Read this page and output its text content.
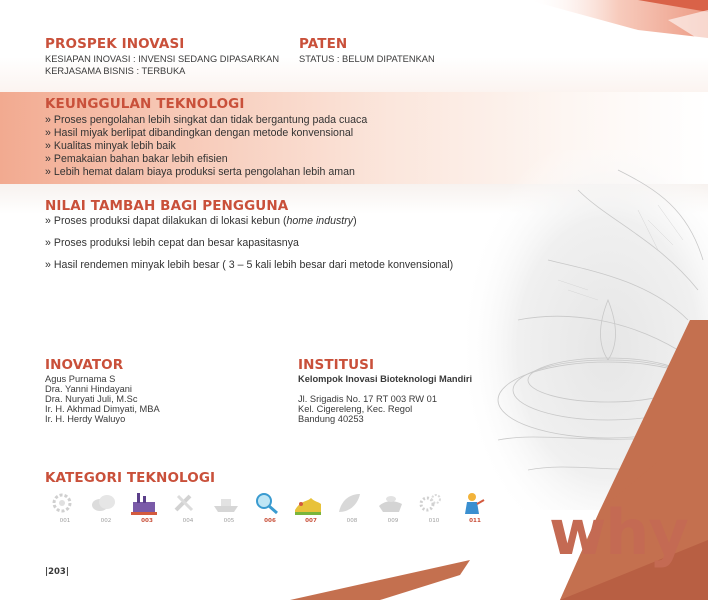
PROSPEK INOVASI

KESIAPAN INOVASI : INVENSI SEDANG DIPASARKAN

KERJASAMA BISNIS : TERBUKA

PATEN

STATUS : BELUM DIPATENKAN

KEUNGGULAN TEKNOLOGI

» Proses pengolahan lebih singkat dan tidak bergantung pada cuaca

» Hasil miyak berlipat dibandingkan dengan metode konvensional

» Kualitas minyak lebih baik

» Pemakaian bahan bakar lebih efisien

» Lebih hemat dalam biaya produksi serta pengolahan lebih aman

NILAI TAMBAH BAGI PENGGUNA

» Proses produksi dapat dilakukan di lokasi kebun (home industry)

» Proses produksi lebih cepat dan besar kapasitasnya

» Hasil rendemen minyak lebih besar ( 3 – 5 kali lebih besar dari metode konvensional)

INOVATOR

Agus Purnama S

Dra. Yanni Hindayani

Dra. Nuryati Juli, M.Sc

Ir. H. Akhmad Dimyati, MBA

Ir. H. Herdy Waluyo

INSTITUSI

Kelompok Inovasi Bioteknologi Mandiri

Jl. Srigadis No. 17 RT 003 RW 01

Kel. Cigereleng, Kec. Regol

Bandung 40253

KATEGORI TEKNOLOGI
001	002	003	004	005	006	007	008	009	010	011 why

|203|
